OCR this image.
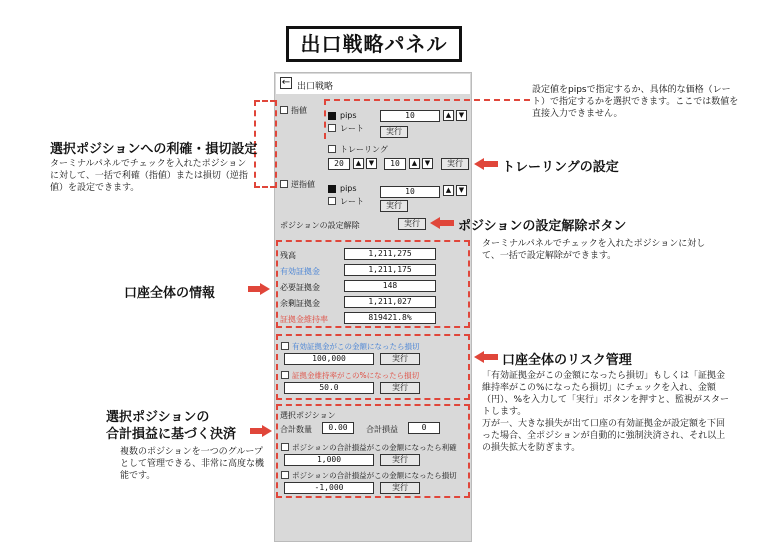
出口戦略パネル
← 出口戦略
指値
pips
レート
10	▲	▼
実行
トレーリング
20	▲	▼	10	▲	▼	実行
逆指値	pips
レート
10	▲	▼
実行
ポジションの設定解除	実行
残高	1,211,275
有効証拠金	1,211,175
必要証拠金	148
余剰証拠金	1,211,027
証拠金維持率	819421.8%
有効証拠金がこの金額になったら損切
100,000	実行
証拠金維持率がこの%になったら損切
50.0	実行
選択ポジション
合計数量	0.00	合計損益	0
ポジションの合計損益がこの金額になったら利確
1,000	実行
ポジションの合計損益がこの金額になったら損切
-1,000	実行
設定値をpipsで指定するか、具体的な価格（レート）で指定するかを選択できます。ここでは数値を直接入力できません。
選択ポジションへの利確・損切設定
ターミナルパネルでチェックを入れたポジションに対して、一括で利確（指値）または損切（逆指値）を設定できます。
トレーリングの設定
ポジションの設定解除ボタン
ターミナルパネルでチェックを入れたポジションに対して、一括で設定解除ができます。
口座全体の情報
口座全体のリスク管理
「有効証拠金がこの金額になったら損切」もしくは「証拠金維持率がこの%になったら損切」にチェックを入れ、金額（円）、%を入力して「実行」ボタンを押すと、監視がスタートします。
万が一、大きな損失が出て口座の有効証拠金が設定額を下回った場合、全ポジションが自動的に強制決済され、それ以上の損失拡大を防ぎます。
選択ポジションの
合計損益に基づく決済
複数のポジションを一つのグループとして管理できる、非常に高度な機能です。
